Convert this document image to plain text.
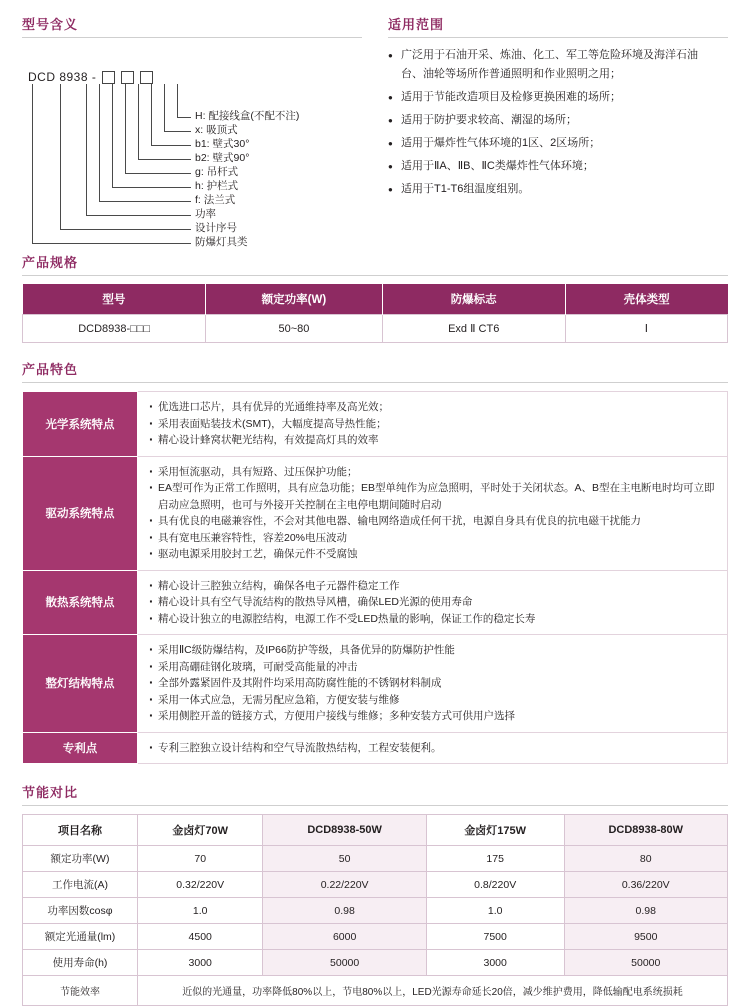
型号含义
DCD 8938 -
H: 配接线盒(不配不注)
x: 吸顶式
b1: 壁式30°
b2: 壁式90°
g: 吊杆式
h: 护栏式
f: 法兰式
功率
设计序号
防爆灯具类
适用范围
● 广泛用于石油开采、炼油、化工、军工等危险环境及海洋石油
台、油轮等场所作普通照明和作业照明之用；
● 适用于节能改造项目及检修更换困难的场所；
● 适用于防护要求较高、潮湿的场所；
● 适用于爆炸性气体环境的1区、2区场所；
● 适用于ⅡA、ⅡB、ⅡC类爆炸性气体环境；
● 适用于T1-T6组温度组别。
产品规格
型号	额定功率(W)	防爆标志	壳体类型
DCD8938-□□□	50~80	Exd Ⅱ CT6	Ⅰ
产品特色
光学系统特点	
· 优选进口芯片，具有优异的光通维持率及高光效；
· 采用表面贴装技术(SMT)，大幅度提高导热性能；
· 精心设计蜂窝状靶光结构，有效提高灯具的效率

驱动系统特点	
· 采用恒流驱动，具有短路、过压保护功能；
· EA型可作为正常工作照明，具有应急功能；EB型单纯作为应急照明，平时处于关闭状态。A、B型在主电断电时均可立即启动应急照明，也可与外接开关控制在主电停电期间随时启动
· 具有优良的电磁兼容性，不会对其他电器、输电网络造成任何干扰，电源自身具有优良的抗电磁干扰能力
· 具有宽电压兼容特性，容差20%电压波动
· 驱动电源采用胶封工艺，确保元件不受腐蚀

散热系统特点	
· 精心设计三腔独立结构，确保各电子元器件稳定工作
· 精心设计具有空气导流结构的散热导风槽，确保LED光源的使用寿命
· 精心设计独立的电源腔结构，电源工作不受LED热量的影响，保证工作的稳定长寿

整灯结构特点	
· 采用ⅡC级防爆结构，及IP66防护等级，具备优异的防爆防护性能
· 采用高硼硅钢化玻璃，可耐受高能量的冲击
· 全部外露紧固件及其附件均采用高防腐性能的不锈钢材料制成
· 采用一体式应急，无需另配应急箱，方便安装与维修
· 采用侧腔开盖的链接方式，方便用户接线与维修；多种安装方式可供用户选择

专利点	
·专利三腔独立设计结构和空气导流散热结构，工程安装便利。
节能对比
项目名称	金卤灯70W	DCD8938-50W	金卤灯175W	DCD8938-80W
额定功率(W)	70	50	175	80
工作电流(A)	0.32/220V	0.22/220V	0.8/220V	0.36/220V
功率因数cosφ	1.0	0.98	1.0	0.98
额定光通量(lm)	4500	6000	7500	9500
使用寿命(h)	3000	50000	3000	50000
节能效率	近似的光通量，功率降低80%以上，节电80%以上，LED光源寿命延长20倍，减少维护费用，降低输配电系统损耗			
